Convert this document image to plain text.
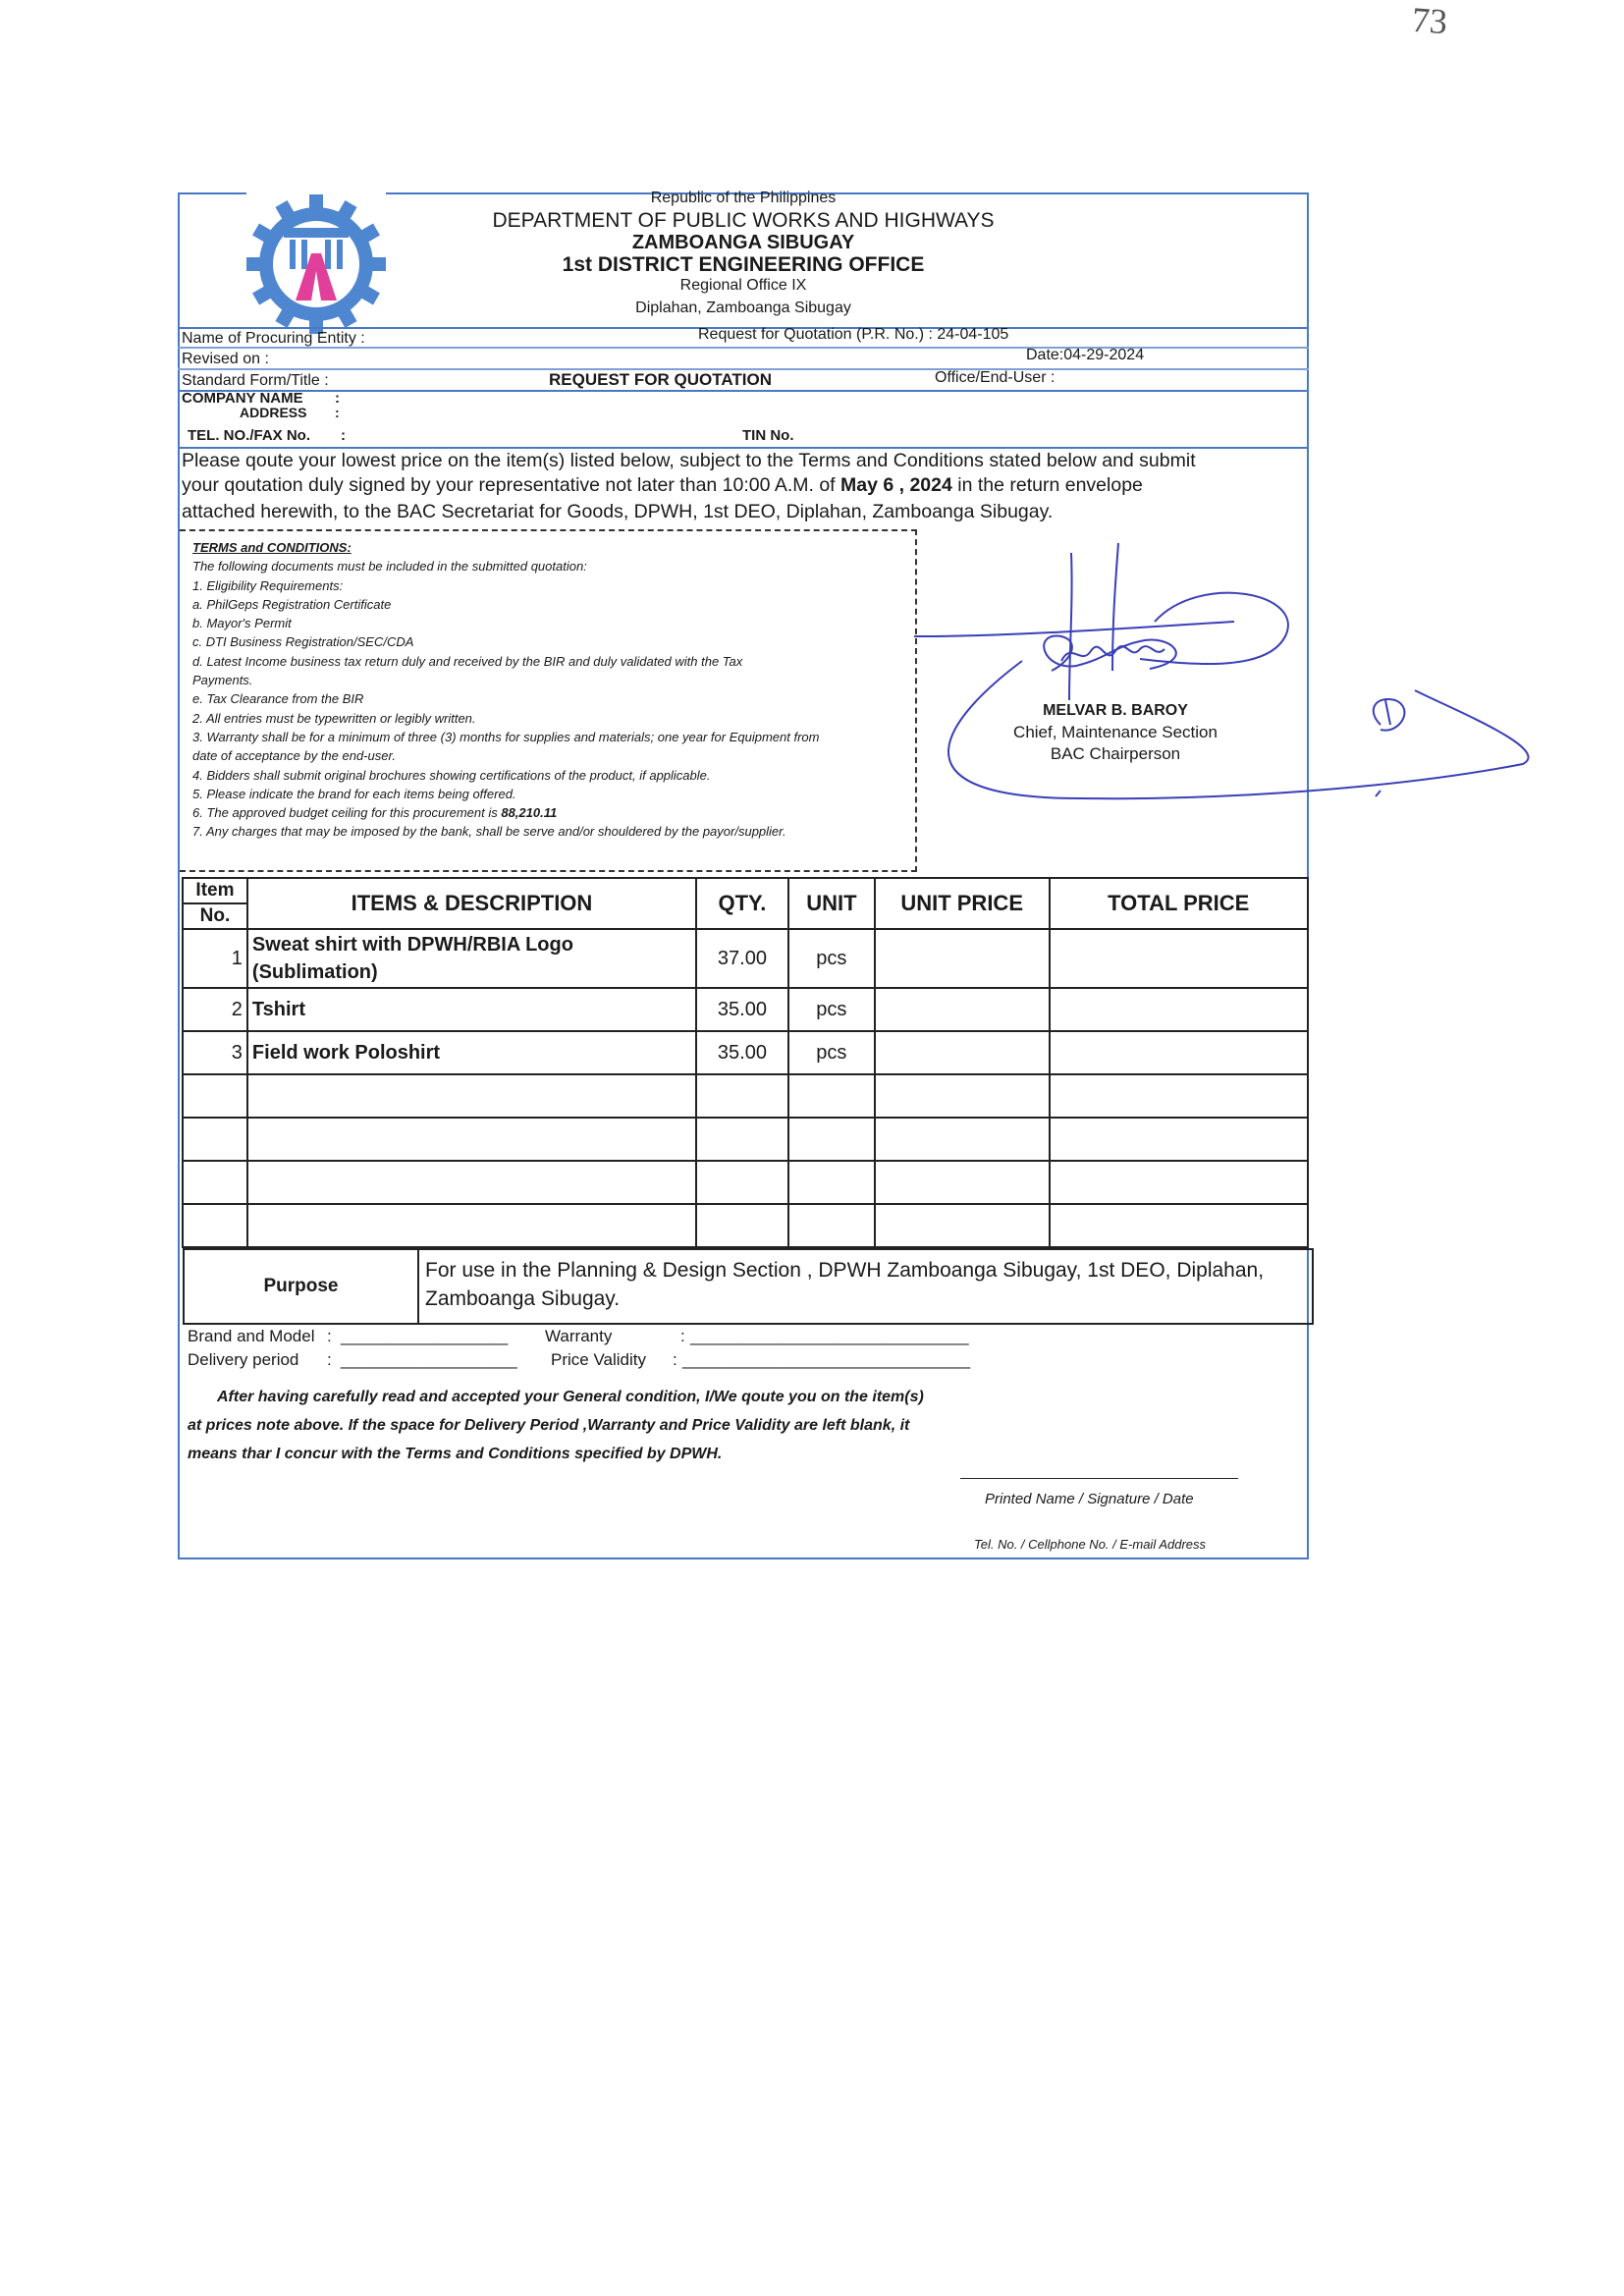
73
Republic of the Philippines
DEPARTMENT OF PUBLIC WORKS AND HIGHWAYS
ZAMBOANGA SIBUGAY
1st DISTRICT ENGINEERING OFFICE
Regional Office IX
Diplahan, Zamboanga Sibugay
Name of Procuring Entity :	Request for Quotation (P.R. No.) : 24-04-105
Revised on :	Date:04-29-2024
Standard Form/Title :	REQUEST FOR QUOTATION	Office/End-User :
COMPANY NAME :
ADDRESS :
TEL. NO./FAX No. :	TIN No.
Please qoute your lowest price on the item(s) listed below, subject to the Terms and Conditions stated below and submit
your qoutation duly signed by your representative not later than 10:00 A.M. of May 6 , 2024 in the return envelope
attached herewith, to the BAC Secretariat for Goods, DPWH, 1st DEO, Diplahan, Zamboanga Sibugay.
TERMS and CONDITIONS:
The following documents must be included in the submitted quotation:
1. Eligibility Requirements:
a. PhilGeps Registration Certificate
b. Mayor's Permit
c. DTI Business Registration/SEC/CDA
d. Latest Income business tax return duly and received by the BIR and duly validated with the Tax
Payments.
e. Tax Clearance from the BIR
2. All entries must be typewritten or legibly written.
3. Warranty shall be for a minimum of three (3) months for supplies and materials; one year for Equipment from
date of acceptance by the end-user.
4. Bidders shall submit original brochures showing certifications of the product, if applicable.
5. Please indicate the brand for each items being offered.
6. The approved budget ceiling for this procurement is 88,210.11
7. Any charges that may be imposed by the bank, shall be serve and/or shouldered by the payor/supplier.
MELVAR B. BAROY
Chief, Maintenance Section
BAC Chairperson
Item
No.	ITEMS & DESCRIPTION	QTY.	UNIT	UNIT PRICE	TOTAL PRICE
1	Sweat shirt with DPWH/RBIA Logo (Sublimation)	37.00	pcs		
2	Tshirt	35.00	pcs		
3	Field work Poloshirt	35.00	pcs		

Purpose
For use in the Planning & Design Section , DPWH Zamboanga Sibugay, 1st DEO, Diplahan, Zamboanga Sibugay.
Brand and Model : __________________ Warranty	: ______________________________
Delivery period : ___________________ Price Validity : _______________________________
After having carefully read and accepted your General condition, I/We qoute you on the item(s)
at prices note above. If the space for Delivery Period ,Warranty and Price Validity are left blank, it
means thar I concur with the Terms and Conditions specified by DPWH.
Printed Name / Signature / Date
Tel. No. / Cellphone No. / E-mail Address
